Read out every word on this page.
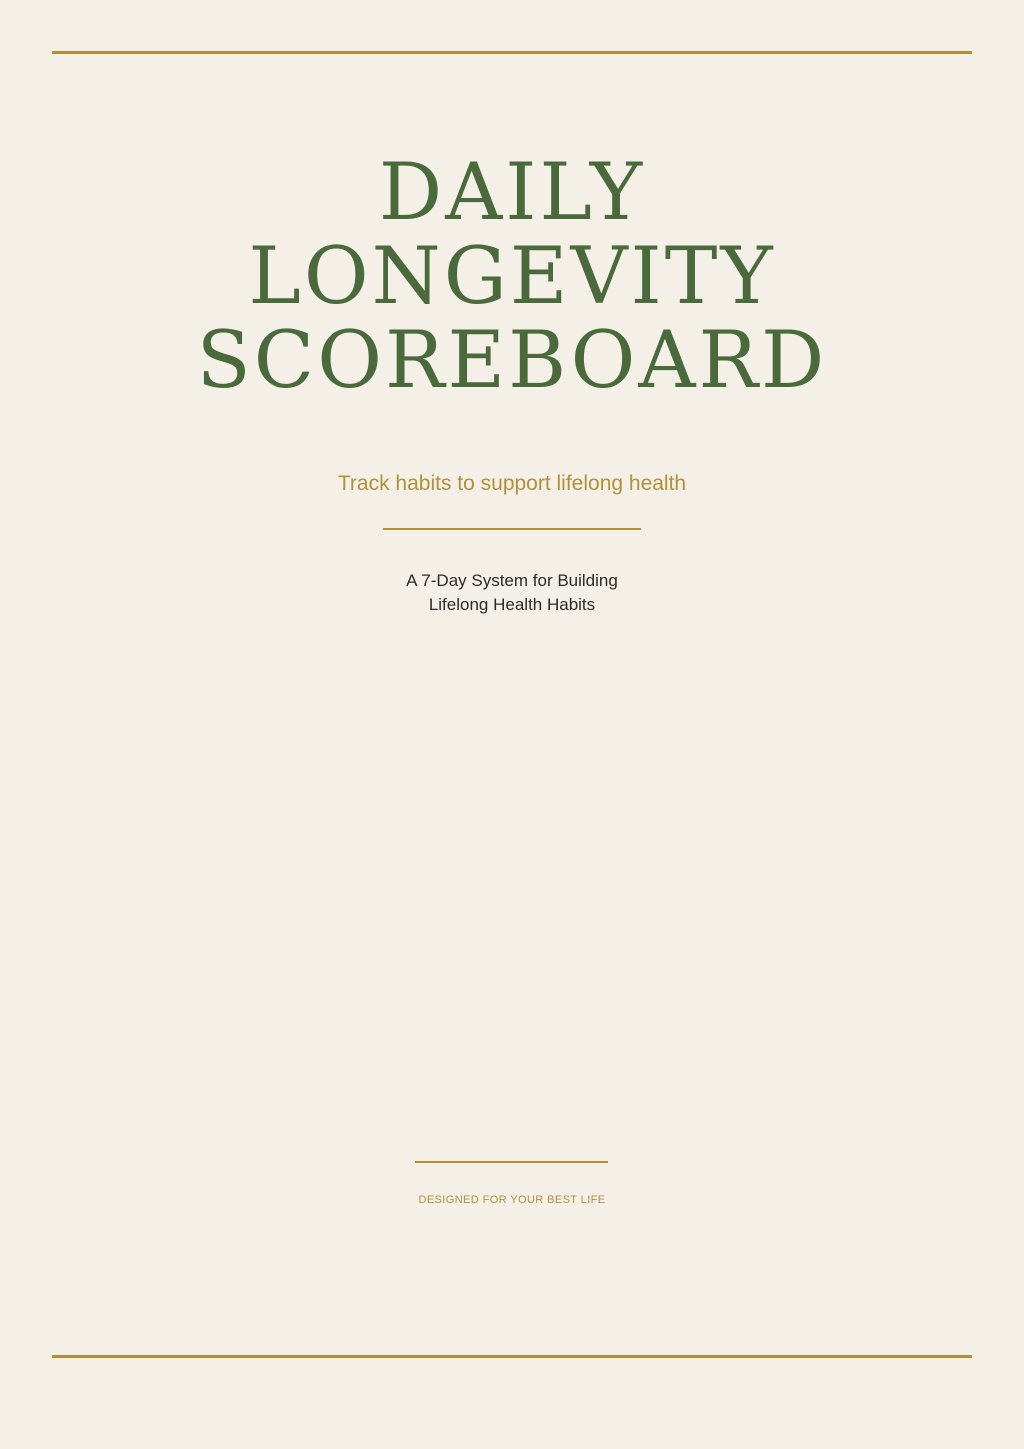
DAILY
LONGEVITY
SCOREBOARD
Track habits to support lifelong health
A 7-Day System for Building
Lifelong Health Habits
DESIGNED FOR YOUR BEST LIFE
